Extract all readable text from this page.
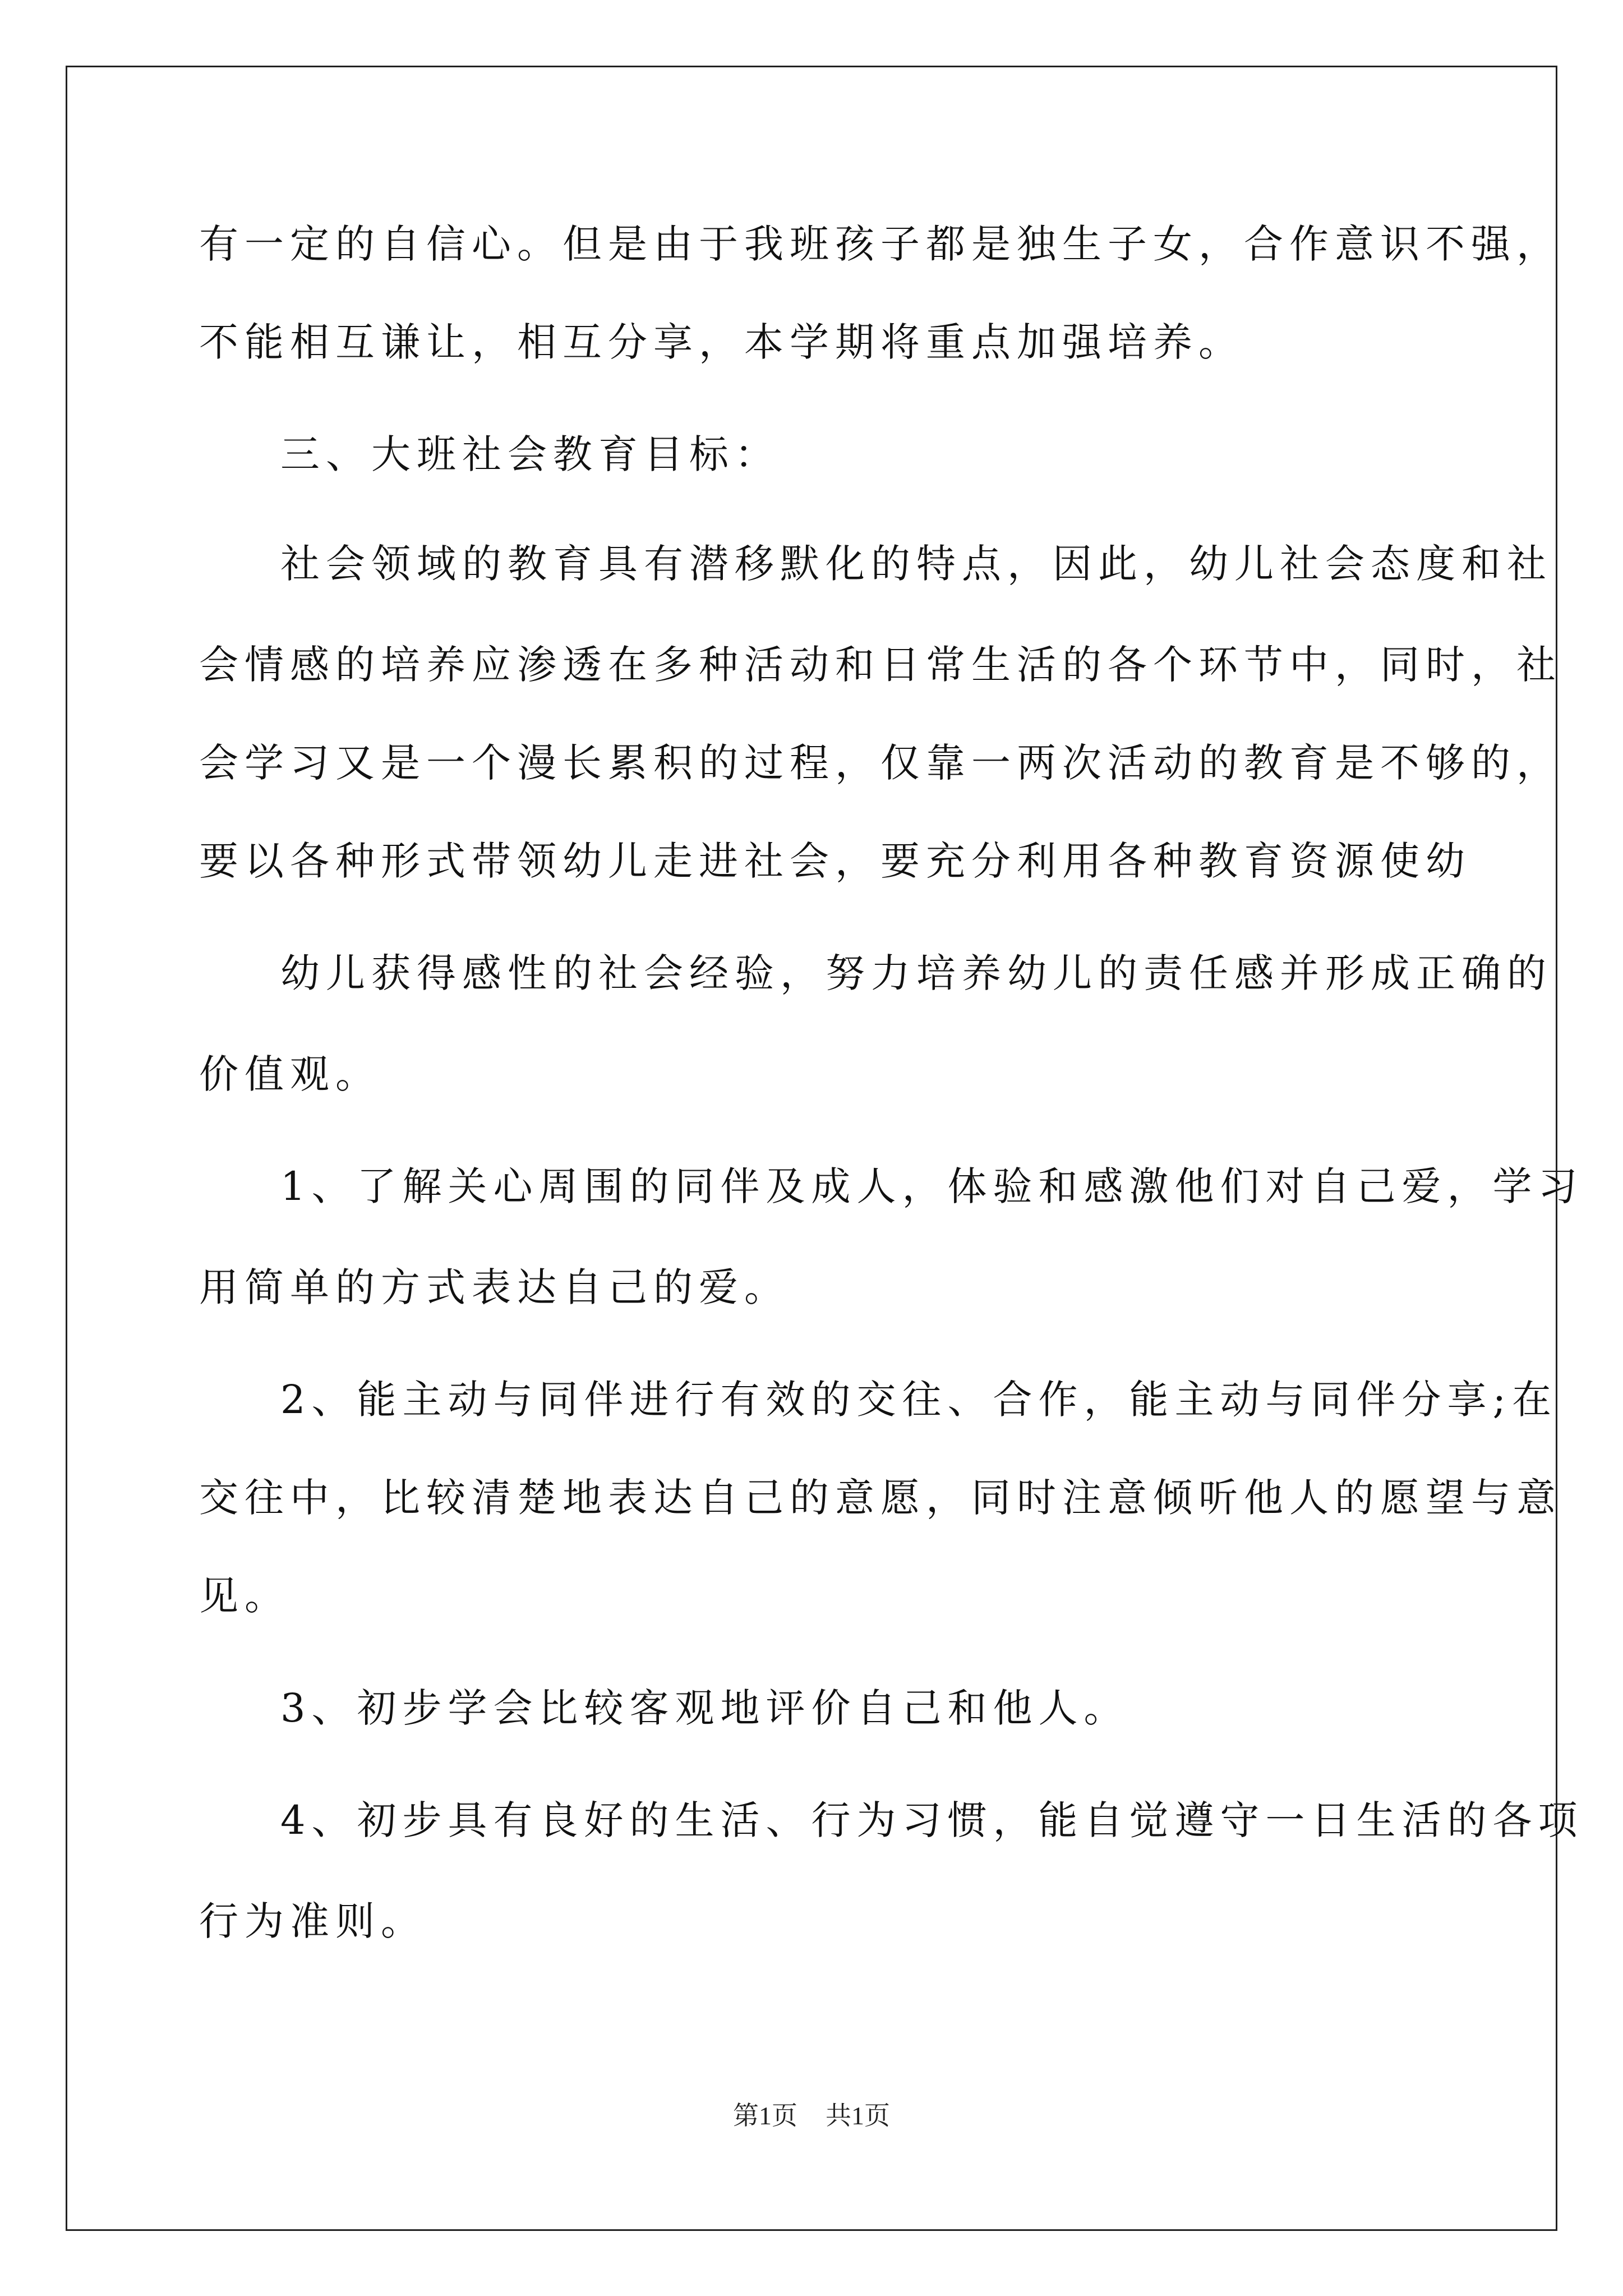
有一定的自信心。但是由于我班孩子都是独生子女，合作意识不强，
不能相互谦让，相互分享，本学期将重点加强培养。
三、大班社会教育目标：
社会领域的教育具有潜移默化的特点，因此，幼儿社会态度和社
会情感的培养应渗透在多种活动和日常生活的各个环节中，同时，社
会学习又是一个漫长累积的过程，仅靠一两次活动的教育是不够的，
要以各种形式带领幼儿走进社会，要充分利用各种教育资源使幼
幼儿获得感性的社会经验，努力培养幼儿的责任感并形成正确的
价值观。
1、了解关心周围的同伴及成人，体验和感激他们对自己爱，学习
用简单的方式表达自己的爱。
2、能主动与同伴进行有效的交往、合作，能主动与同伴分享;在
交往中，比较清楚地表达自己的意愿，同时注意倾听他人的愿望与意
见。
3、初步学会比较客观地评价自己和他人。
4、初步具有良好的生活、行为习惯，能自觉遵守一日生活的各项
行为准则。
第1页 共1页
